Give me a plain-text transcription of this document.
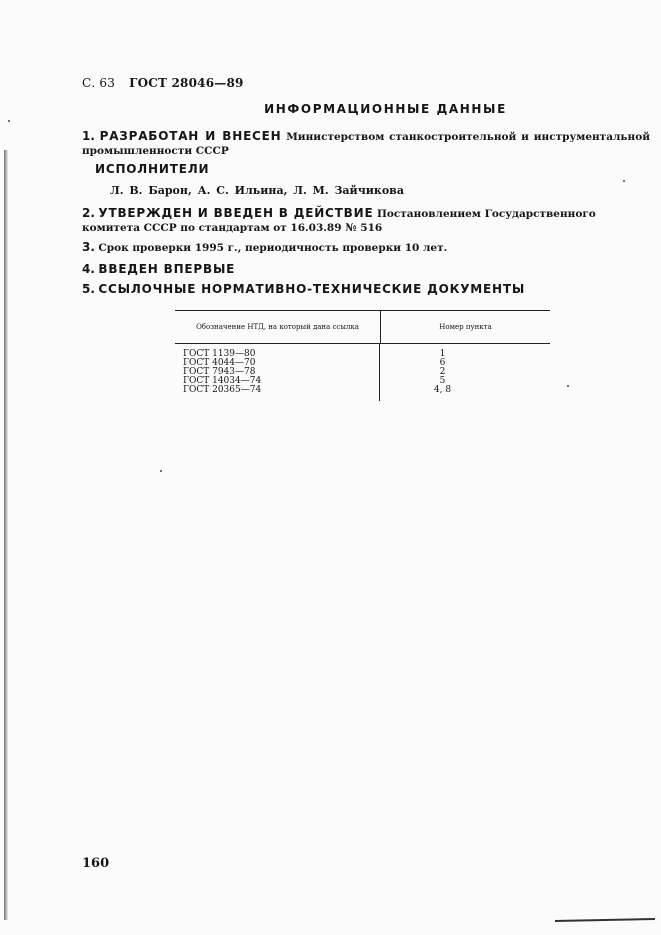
С. 63 ГОСТ 28046—89
ИНФОРМАЦИОННЫЕ ДАННЫЕ
1. РАЗРАБОТАН И ВНЕСЕН Министерством станкостроительной и инструментальной промышленности СССР
ИСПОЛНИТЕЛИ
Л. В. Барон, А. С. Ильина, Л. М. Зайчикова
2. УТВЕРЖДЕН И ВВЕДЕН В ДЕЙСТВИЕ Постановлением Государственного комитета СССР по стандартам от 16.03.89 № 516
3. Срок проверки 1995 г., периодичность проверки 10 лет.
4. ВВЕДЕН ВПЕРВЫЕ
5. ССЫЛОЧНЫЕ НОРМАТИВНО-ТЕХНИЧЕСКИЕ ДОКУМЕНТЫ
Обозначение НТД, на который дана ссылка	Номер пункта
ГОСТ 1139—80
ГОСТ 4044—70
ГОСТ 7943—78
ГОСТ 14034—74
ГОСТ 20365—74
1
6
2
5
4, 8
160
